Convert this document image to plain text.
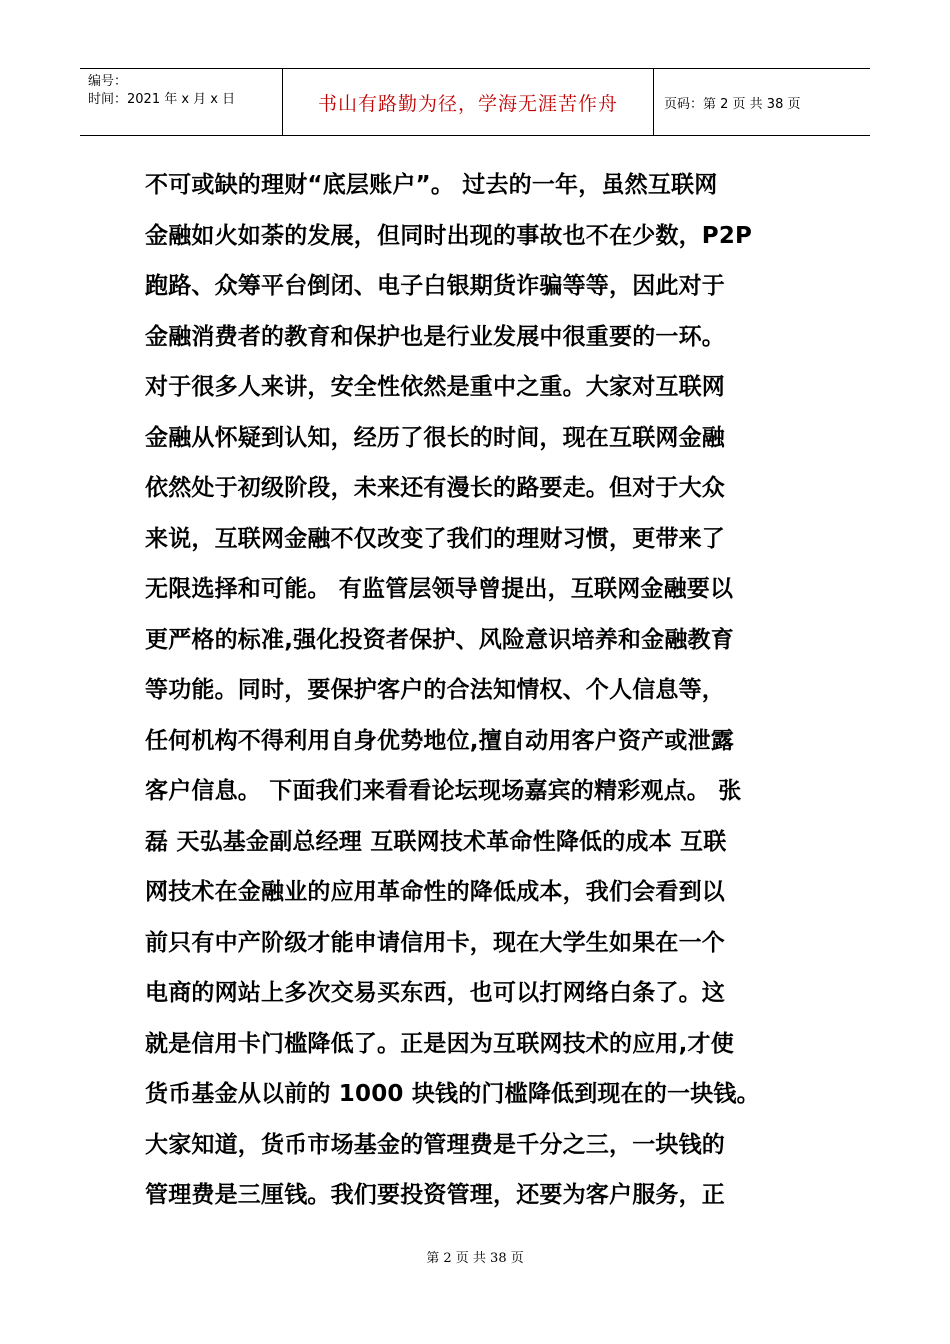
编号：
时间：2021 年 x 月 x 日	书山有路勤为径，学海无涯苦作舟	页码：第 2 页 共 38 页
不可或缺的理财“底层账户”。 过去的一年，虽然互联网
金融如火如荼的发展，但同时出现的事故也不在少数，P2P
跑路、众筹平台倒闭、电子白银期货诈骗等等，因此对于
金融消费者的教育和保护也是行业发展中很重要的一环。
对于很多人来讲，安全性依然是重中之重。大家对互联网
金融从怀疑到认知，经历了很长的时间，现在互联网金融
依然处于初级阶段，未来还有漫长的路要走。但对于大众
来说，互联网金融不仅改变了我们的理财习惯，更带来了
无限选择和可能。 有监管层领导曾提出，互联网金融要以
更严格的标准,强化投资者保护、风险意识培养和金融教育
等功能。同时，要保护客户的合法知情权、个人信息等，
任何机构不得利用自身优势地位,擅自动用客户资产或泄露
客户信息。 下面我们来看看论坛现场嘉宾的精彩观点。 张
磊 天弘基金副总经理 互联网技术革命性降低的成本 互联
网技术在金融业的应用革命性的降低成本，我们会看到以
前只有中产阶级才能申请信用卡，现在大学生如果在一个
电商的网站上多次交易买东西，也可以打网络白条了。这
就是信用卡门槛降低了。正是因为互联网技术的应用,才使
货币基金从以前的 1000 块钱的门槛降低到现在的一块钱。
大家知道，货币市场基金的管理费是千分之三，一块钱的
管理费是三厘钱。我们要投资管理，还要为客户服务，正
第 2 页 共 38 页
